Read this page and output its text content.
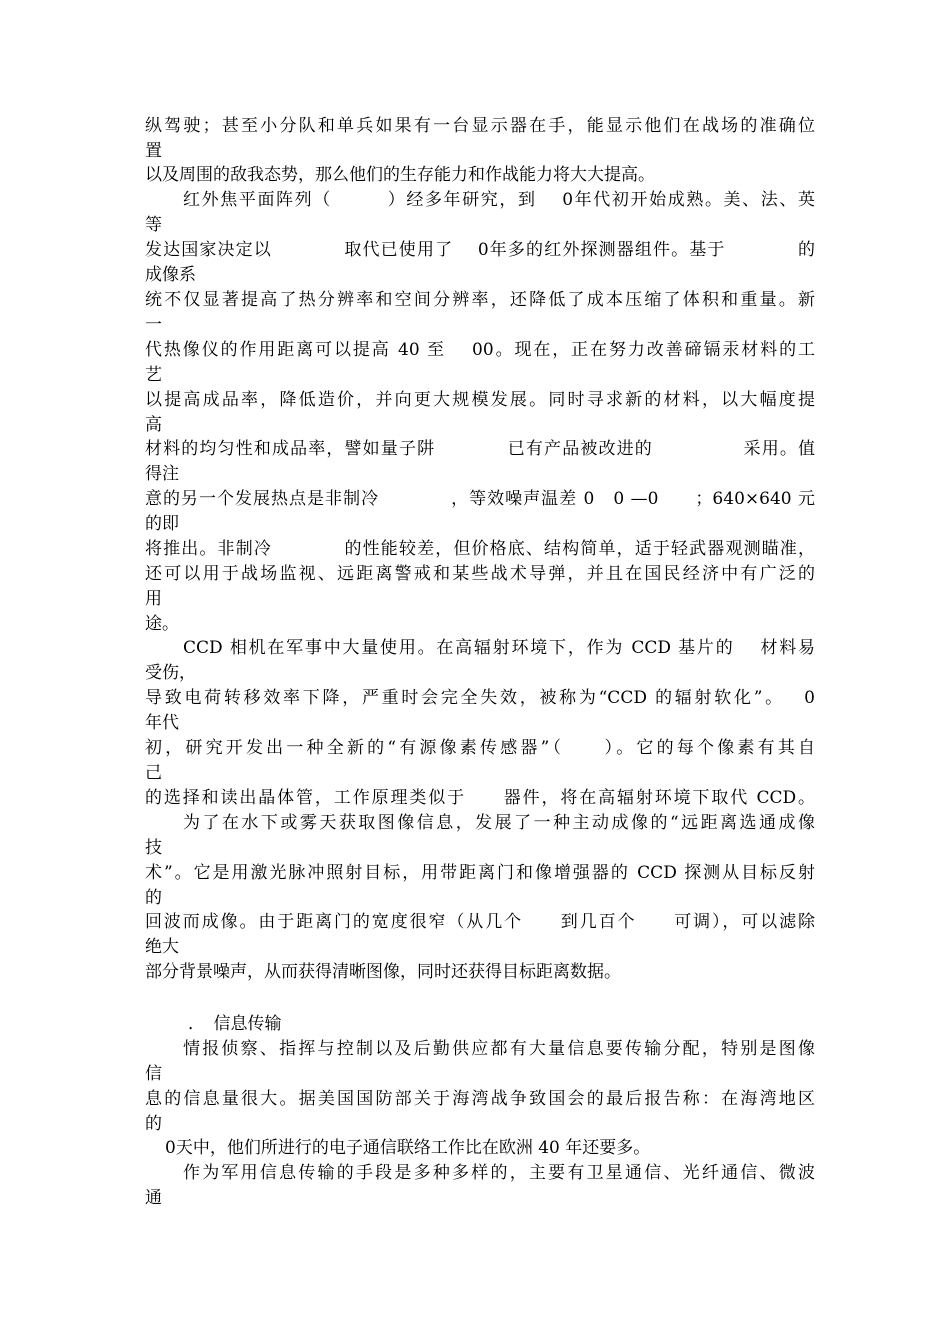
纵驾驶；甚至小分队和单兵如果有一台显示器在手，能显示他们在战场的准确位
置
以及周围的敌我态势，那么他们的生存能力和作战能力将大大提高。
红外焦平面阵列（　　　）经多年研究，到　 0年代初开始成熟。美、法、英
等
发达国家决定以　　　　取代已使用了　 0年多的红外探测器组件。基于　　　　的
成像系
统不仅显著提高了热分辨率和空间分辨率，还降低了成本压缩了体积和重量。新
一
代热像仪的作用距离可以提高 40 至　 00。现在，正在努力改善碲镉汞材料的工
艺
以提高成品率，降低造价，并向更大规模发展。同时寻求新的材料，以大幅度提
高
材料的均匀性和成品率，譬如量子阱　　　　已有产品被改进的　　　　　采用。值
得注
意的另一个发展热点是非制冷　　　　，等效噪声温差 0　0 —0　　；640×640 元
的即
将推出。非制冷　　　　的性能较差，但价格底、结构简单，适于轻武器观测瞄准，
还可以用于战场监视、远距离警戒和某些战术导弹，并且在国民经济中有广泛的
用
途。
CCD 相机在军事中大量使用。在高辐射环境下，作为 CCD 基片的　 材料易
受伤，
导致电荷转移效率下降，严重时会完全失效，被称为“CCD 的辐射软化”。　 0
年代
初，研究开发出一种全新的“有源像素传感器”（　　）。它的每个像素有其自
己
的选择和读出晶体管，工作原理类似于　　器件，将在高辐射环境下取代 CCD。
为了在水下或雾天获取图像信息，发展了一种主动成像的“远距离选通成像
技
术”。它是用激光脉冲照射目标，用带距离门和像增强器的 CCD 探测从目标反射
的
回波而成像。由于距离门的宽度很窄（从几个　　到几百个　　可调），可以滤除
绝大
部分背景噪声，从而获得清晰图像，同时还获得目标距离数据。
．　信息传输
情报侦察、指挥与控制以及后勤供应都有大量信息要传输分配，特别是图像
信
息的信息量很大。据美国国防部关于海湾战争致国会的最后报告称：在海湾地区
的
0天中，他们所进行的电子通信联络工作比在欧洲 40 年还要多。
作为军用信息传输的手段是多种多样的，主要有卫星通信、光纤通信、微波
通
